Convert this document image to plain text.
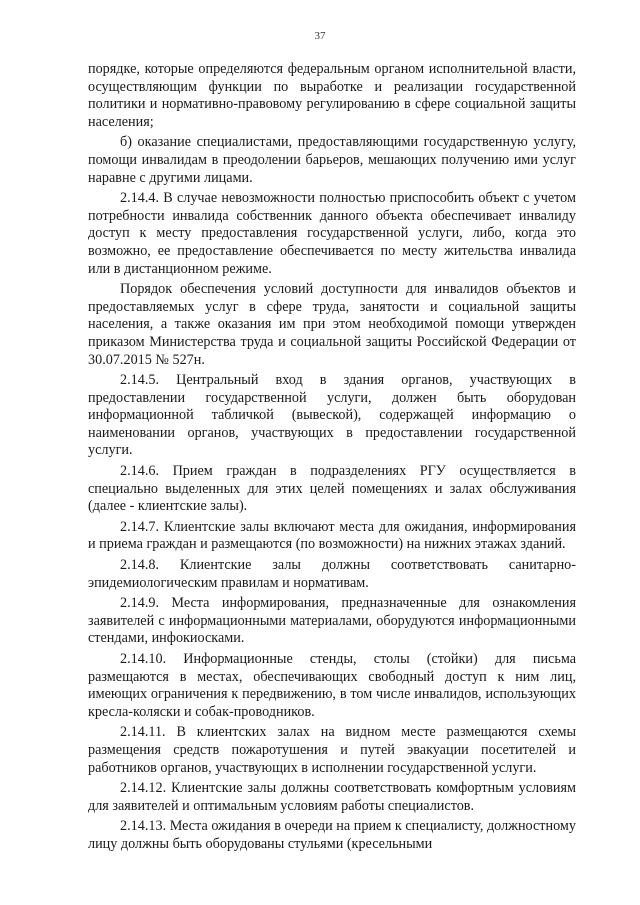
37

порядке, которые определяются федеральным органом исполнительной власти, осуществляющим функции по выработке и реализации государственной политики и нормативно-правовому регулированию в сфере социальной защиты населения;

б) оказание специалистами, предоставляющими государственную услугу, помощи инвалидам в преодолении барьеров, мешающих получению ими услуг наравне с другими лицами.

2.14.4. В случае невозможности полностью приспособить объект с учетом потребности инвалида собственник данного объекта обеспечивает инвалиду доступ к месту предоставления государственной услуги, либо, когда это возможно, ее предоставление обеспечивается по месту жительства инвалида или в дистанционном режиме.

Порядок обеспечения условий доступности для инвалидов объектов и предоставляемых услуг в сфере труда, занятости и социальной защиты населения, а также оказания им при этом необходимой помощи утвержден приказом Министерства труда и социальной защиты Российской Федерации от 30.07.2015 № 527н.

2.14.5. Центральный вход в здания органов, участвующих в предоставлении государственной услуги, должен быть оборудован информационной табличкой (вывеской), содержащей информацию о наименовании органов, участвующих в предоставлении государственной услуги.

2.14.6. Прием граждан в подразделениях РГУ осуществляется в специально выделенных для этих целей помещениях и залах обслуживания (далее - клиентские залы).

2.14.7. Клиентские залы включают места для ожидания, информирования и приема граждан и размещаются (по возможности) на нижних этажах зданий.

2.14.8. Клиентские залы должны соответствовать санитарно-эпидемиологическим правилам и нормативам.

2.14.9. Места информирования, предназначенные для ознакомления заявителей с информационными материалами, оборудуются информационными стендами, инфокиосками.

2.14.10. Информационные стенды, столы (стойки) для письма размещаются в местах, обеспечивающих свободный доступ к ним лиц, имеющих ограничения к передвижению, в том числе инвалидов, использующих кресла-коляски и собак-проводников.

2.14.11. В клиентских залах на видном месте размещаются схемы размещения средств пожаротушения и путей эвакуации посетителей и работников органов, участвующих в исполнении государственной услуги.

2.14.12. Клиентские залы должны соответствовать комфортным условиям для заявителей и оптимальным условиям работы специалистов.

2.14.13. Места ожидания в очереди на прием к специалисту, должностному лицу должны быть оборудованы стульями (кресельными
